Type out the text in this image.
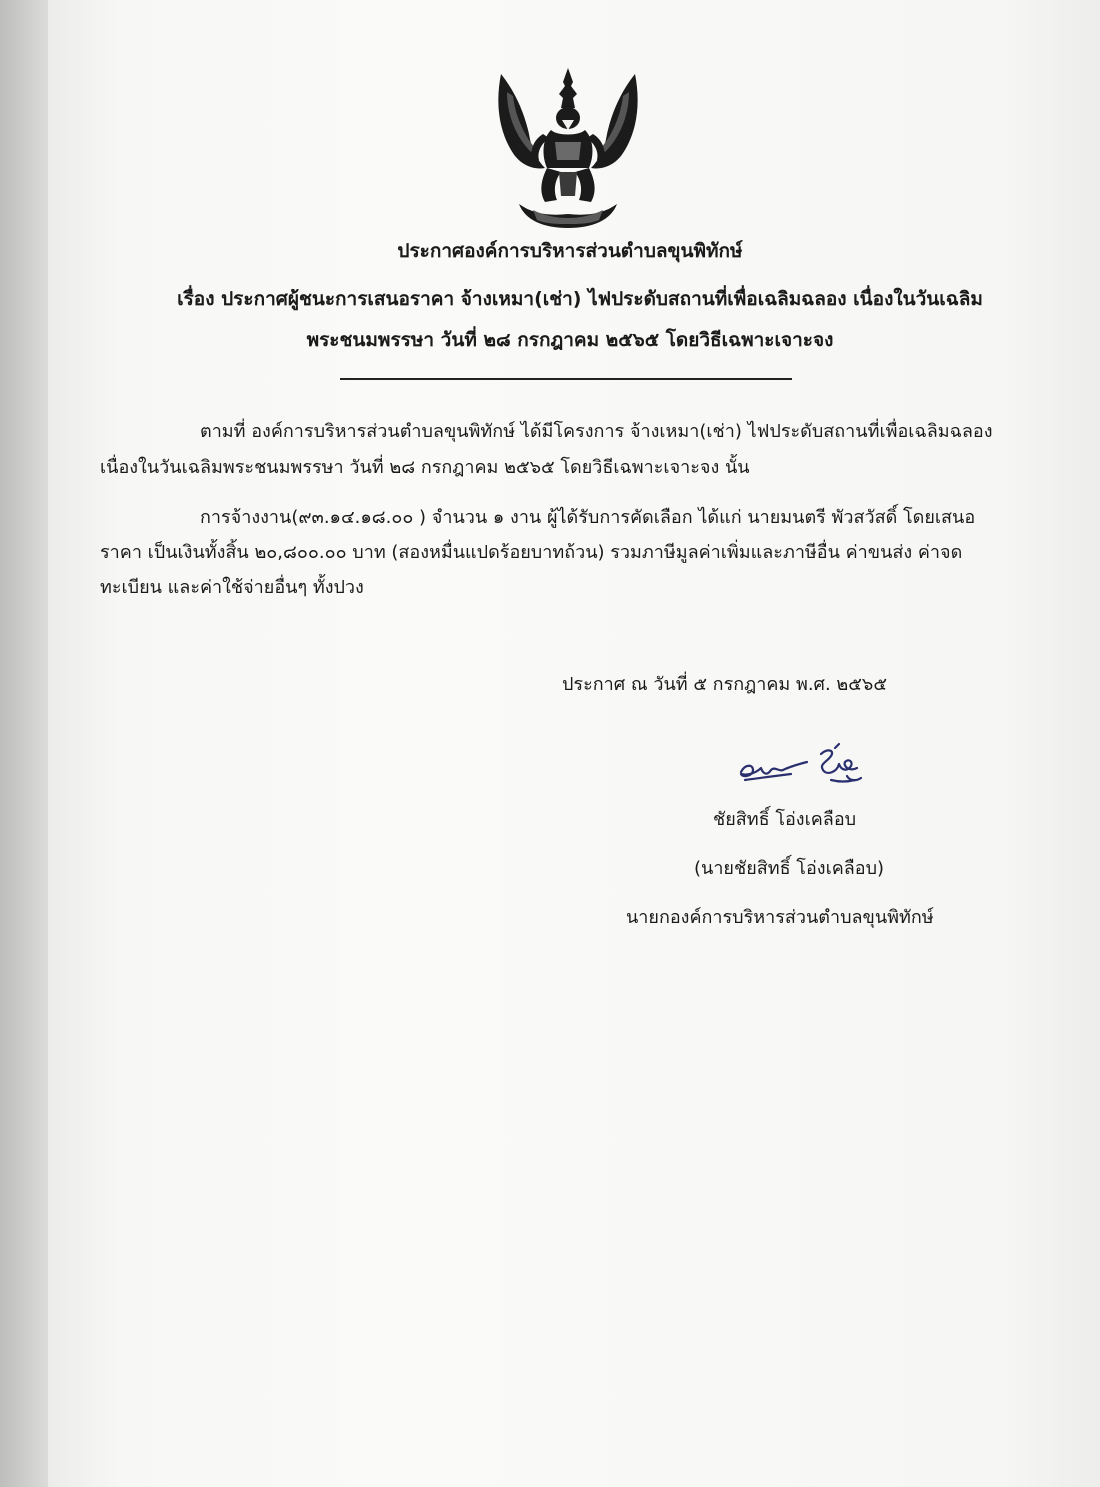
ประกาศองค์การบริหารส่วนตำบลขุนพิทักษ์
เรื่อง ประกาศผู้ชนะการเสนอราคา จ้างเหมา(เช่า) ไฟประดับสถานที่เพื่อเฉลิมฉลอง เนื่องในวันเฉลิม
พระชนมพรรษา วันที่ ๒๘ กรกฎาคม ๒๕๖๕ โดยวิธีเฉพาะเจาะจง
ตามที่ องค์การบริหารส่วนตำบลขุนพิทักษ์ ได้มีโครงการ จ้างเหมา(เช่า) ไฟประดับสถานที่เพื่อเฉลิมฉลอง
เนื่องในวันเฉลิมพระชนมพรรษา วันที่ ๒๘ กรกฎาคม ๒๕๖๕ โดยวิธีเฉพาะเจาะจง นั้น
การจ้างงาน(๙๓.๑๔.๑๘.๐๐ ) จำนวน ๑ งาน ผู้ได้รับการคัดเลือก ได้แก่ นายมนตรี พัวสวัสดิ์ โดยเสนอ
ราคา เป็นเงินทั้งสิ้น ๒๐,๘๐๐.๐๐ บาท (สองหมื่นแปดร้อยบาทถ้วน) รวมภาษีมูลค่าเพิ่มและภาษีอื่น ค่าขนส่ง ค่าจด
ทะเบียน และค่าใช้จ่ายอื่นๆ ทั้งปวง
ประกาศ ณ วันที่ ๕ กรกฎาคม พ.ศ. ๒๕๖๕
ชัยสิทธิ์ โอ่งเคลือบ
(นายชัยสิทธิ์ โอ่งเคลือบ)
นายกองค์การบริหารส่วนตำบลขุนพิทักษ์
